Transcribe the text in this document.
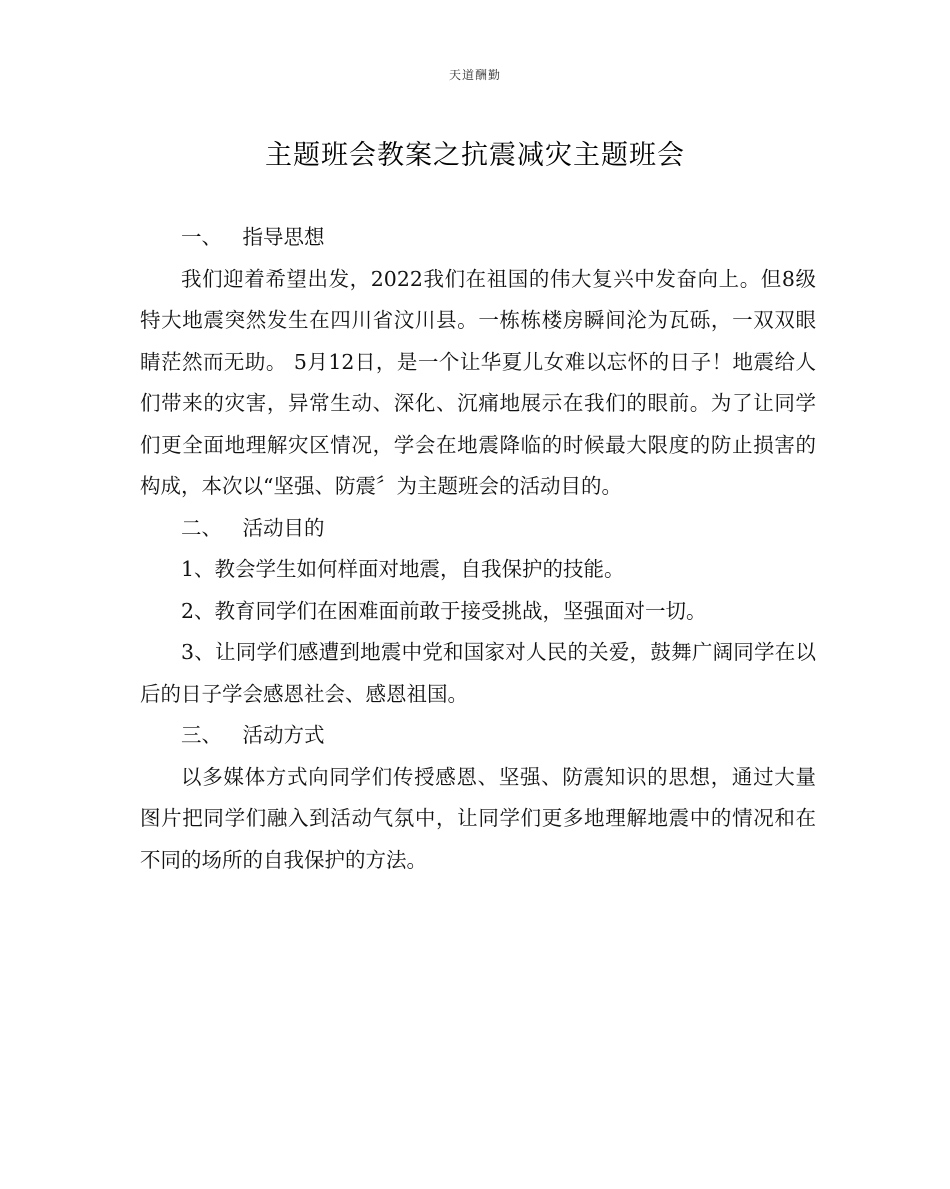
天道酬勤
主题班会教案之抗震减灾主题班会

一、 指导思想

我们迎着希望出发，2022我们在祖国的伟大复兴中发奋向上。但8级特大地震突然发生在四川省汶川县。一栋栋楼房瞬间沦为瓦砾，一双双眼睛茫然而无助。 5月12日，是一个让华夏儿女难以忘怀的日子！地震给人们带来的灾害，异常生动、深化、沉痛地展示在我们的眼前。为了让同学们更全面地理解灾区情况，学会在地震降临的时候最大限度的防止损害的构成，本次以“坚强、防震〞为主题班会的活动目的。

二、 活动目的

1、教会学生如何样面对地震，自我保护的技能。

2、教育同学们在困难面前敢于接受挑战，坚强面对一切。

3、让同学们感遭到地震中党和国家对人民的关爱，鼓舞广阔同学在以后的日子学会感恩社会、感恩祖国。

三、 活动方式

以多媒体方式向同学们传授感恩、坚强、防震知识的思想，通过大量图片把同学们融入到活动气氛中，让同学们更多地理解地震中的情况和在不同的场所的自我保护的方法。
